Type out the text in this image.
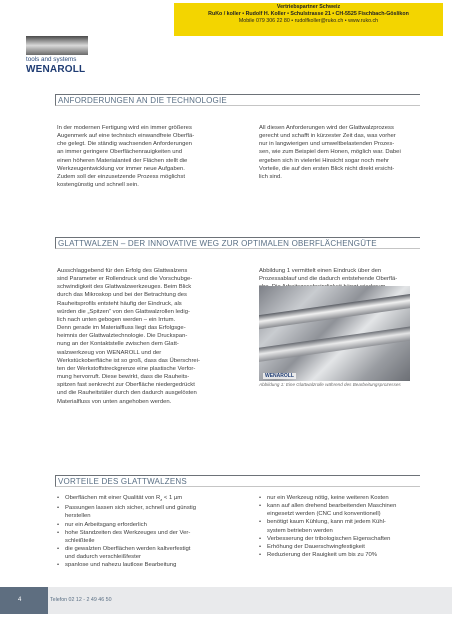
Vertriebspartner Schweiz
RuKo / koller • Rudolf H. Koller • Schulstrasse 21 • CH-5525 Fischbach-Göslikon
Mobile 079 306 22 80 • rudolfkoller@ruko.ch • www.ruko.ch
tools and systems
WENAROLL
ANFORDERUNGEN AN DIE TECHNOLOGIE

In der modernen Fertigung wird ein immer größeres

Augenmerk auf eine technisch einwandfreie Oberflä-

che gelegt. Die ständig wachsenden Anforderungen

an immer geringere Oberflächenrauigkeiten und

einen höheren Materialanteil der Flächen stellt die

Werkzeugentwicklung vor immer neue Aufgaben.

Zudem soll der einzusetzende Prozess möglichst

kostengünstig und schnell sein.

All diesen Anforderungen wird der Glattwalzprozess

gerecht und schafft in kürzester Zeit das, was vorher

nur in langwierigen und umweltbelastenden Prozes-

sen, wie zum Beispiel dem Honen, möglich war. Dabei

ergeben sich in vielerlei Hinsicht sogar noch mehr

Vorteile, die auf den ersten Blick nicht direkt ersicht-

lich sind.

GLATTWALZEN – DER INNOVATIVE WEG ZUR OPTIMALEN OBERFLÄCHENGÜTE

Ausschlaggebend für den Erfolg des Glattwalzens

sind Parameter er Rollendruck und die Vorschubge-

schwindigkeit des Glattwalzwerkzeuges. Beim Blick

durch das Mikroskop und bei der Betrachtung des

Rauheitsprofils entsteht häufig der Eindruck, als

würden die „Spitzen“ von den Glattwalzrollen ledig-

lich nach unten gebogen werden – ein Irrtum.

Denn gerade im Materialfluss liegt das Erfolgsge-

heimnis der Glattwalztechnologie. Die Druckspan-

nung an der Kontaktstelle zwischen dem Glatt-

walzwerkzeug von WENAROLL und der

Werkstückoberfläche ist so groß, dass das Überschrei-

ten der Werkstoffstreckgrenze eine plastische Verfor-

mung hervorruft. Diese bewirkt, dass die Rauheits-

spitzen fast senkrecht zur Oberfläche niedergedrückt

und die Rauheitstäler durch den dadurch ausgelösten

Materialfluss von unten angehoben werden.

Abbildung 1 vermittelt einen Eindruck über den

Prozessablauf und die dadurch entstehende Oberflä-

WENAROLL
Abbildung 1: Eine Glattwalzrolle während des Bearbeitungsprozesses
VORTEILE DES GLATTWALZENS
• Oberflächen mit einer Qualität von $R_z < 1$ µm
• Passungen lassen sich sicher, schnell und günstig
herstellen
• nur ein Arbeitsgang erforderlich
• hohe Standzeiten des Werkzeuges und der Ver-
schleißteile
• die gewalzten Oberflächen werden kaltverfestigt
und dadurch verschleißfester
• spanlose und nahezu lautlose Bearbeitung
• nur ein Werkzeug nötig, keine weiteren Kosten
• kann auf allen drehend bearbeitenden Maschinen
eingesetzt werden (CNC und konventionell)
• benötigt kaum Kühlung, kann mit jedem Kühl-
system betrieben werden
• Verbesserung der tribologischen Eigenschaften
• Erhöhung der Dauerschwingfestigkeit
• Reduzierung der Rauigkeit um bis zu 70%
4	Telefon 02 12 - 2 49 46 50
